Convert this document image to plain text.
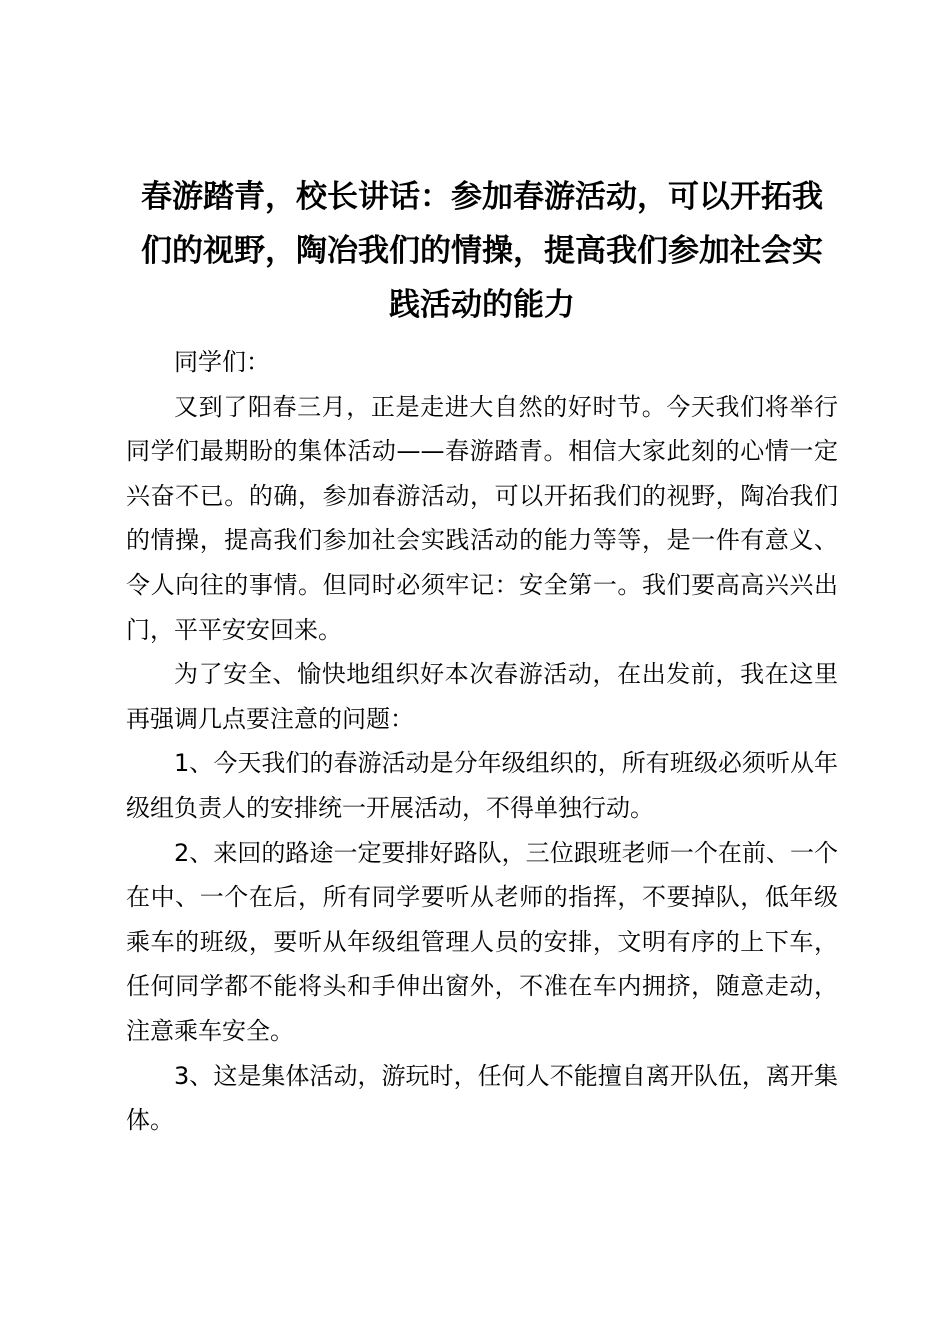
春游踏青，校长讲话：参加春游活动，可以开拓我们的视野，陶冶我们的情操，提高我们参加社会实践活动的能力

同学们：

又到了阳春三月，正是走进大自然的好时节。今天我们将举行同学们最期盼的集体活动——春游踏青。相信大家此刻的心情一定兴奋不已。的确，参加春游活动，可以开拓我们的视野，陶冶我们的情操，提高我们参加社会实践活动的能力等等，是一件有意义、令人向往的事情。但同时必须牢记：安全第一。我们要高高兴兴出门，平平安安回来。

为了安全、愉快地组织好本次春游活动，在出发前，我在这里再强调几点要注意的问题：

1、今天我们的春游活动是分年级组织的，所有班级必须听从年级组负责人的安排统一开展活动，不得单独行动。

2、来回的路途一定要排好路队，三位跟班老师一个在前、一个在中、一个在后，所有同学要听从老师的指挥，不要掉队，低年级乘车的班级，要听从年级组管理人员的安排，文明有序的上下车，任何同学都不能将头和手伸出窗外，不准在车内拥挤，随意走动，注意乘车安全。

3、这是集体活动，游玩时，任何人不能擅自离开队伍，离开集体。
